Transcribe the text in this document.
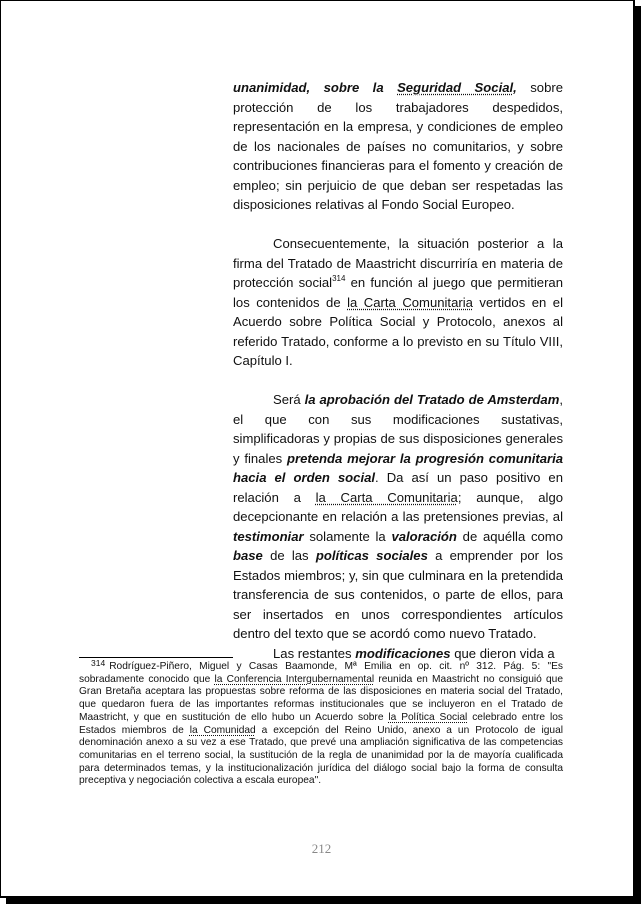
unanimidad, sobre la Seguridad Social, sobre protección de los trabajadores despedidos, representación en la empresa, y condiciones de empleo de los nacionales de países no comunitarios, y sobre contribuciones financieras para el fomento y creación de empleo; sin perjuicio de que deban ser respetadas las disposiciones relativas al Fondo Social Europeo.

Consecuentemente, la situación posterior a la firma del Tratado de Maastricht discurriría en materia de protección social$^{314}$ en función al juego que permitieran los contenidos de la Carta Comunitaria vertidos en el Acuerdo sobre Política Social y Protocolo, anexos al referido Tratado, conforme a lo previsto en su Título VIII, Capítulo I.

Será la aprobación del Tratado de Amsterdam, el que con sus modificaciones sustativas, simplificadoras y propias de sus disposiciones generales y finales pretenda mejorar la progresión comunitaria hacia el orden social. Da así un paso positivo en relación a la Carta Comunitaria; aunque, algo decepcionante en relación a las pretensiones previas, al testimoniar solamente la valoración de aquélla como base de las políticas sociales a emprender por los Estados miembros; y, sin que culminara en la pretendida transferencia de sus contenidos, o parte de ellos, para ser insertados en unos correspondientes artículos dentro del texto que se acordó como nuevo Tratado.

Las restantes modificaciones que dieron vida a

$^{314}$ Rodríguez-Piñero, Miguel y Casas Baamonde, Mª Emilia en op. cit. nº 312. Pág. 5: "Es sobradamente conocido que la Conferencia Intergubernamental reunida en Maastricht no consiguió que Gran Bretaña aceptara las propuestas sobre reforma de las disposiciones en materia social del Tratado, que quedaron fuera de las importantes reformas institucionales que se incluyeron en el Tratado de Maastricht, y que en sustitución de ello hubo un Acuerdo sobre la Política Social celebrado entre los Estados miembros de la Comunidad a excepción del Reino Unido, anexo a un Protocolo de igual denominación anexo a su vez a ese Tratado, que prevé una ampliación significativa de las competencias comunitarias en el terreno social, la sustitución de la regla de unanimidad por la de mayoría cualificada para determinados temas, y la institucionalización jurídica del diálogo social bajo la forma de consulta preceptiva y negociación colectiva a escala europea".
212
